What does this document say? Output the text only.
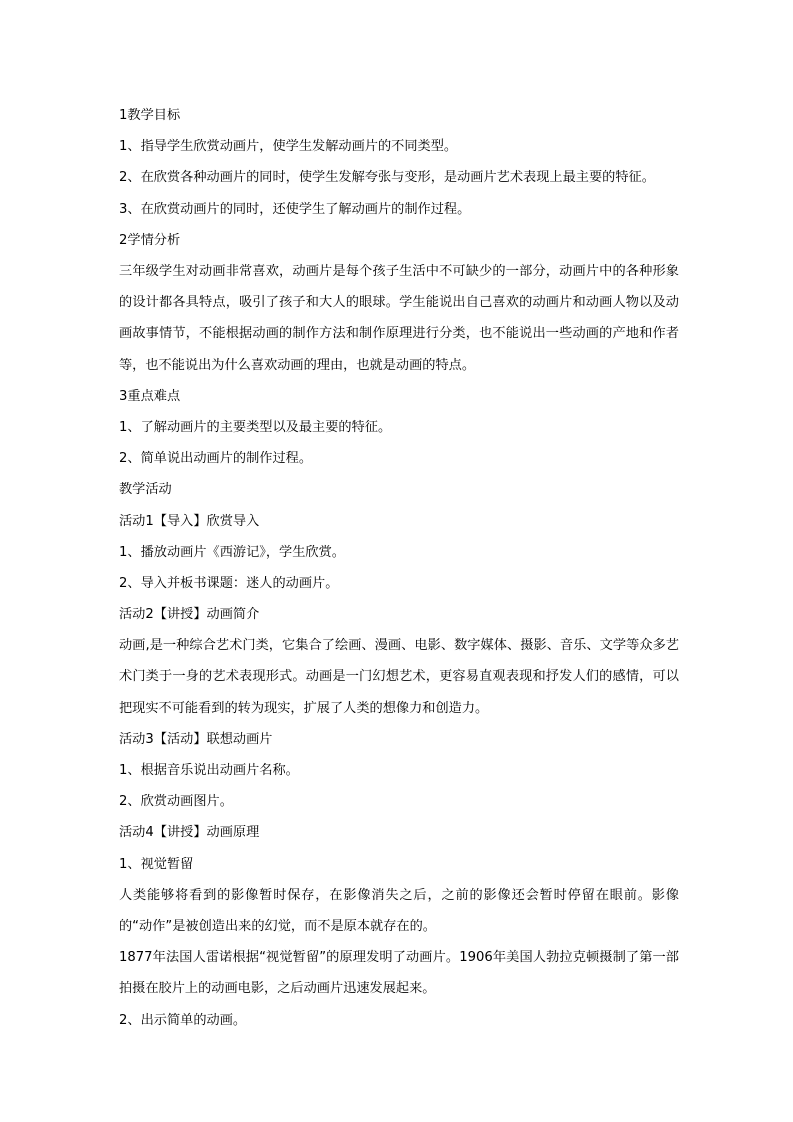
1教学目标
1、指导学生欣赏动画片，使学生发解动画片的不同类型。
2、在欣赏各种动画片的同时，使学生发解夸张与变形，是动画片艺术表现上最主要的特征。
3、在欣赏动画片的同时，还使学生了解动画片的制作过程。
2学情分析
三年级学生对动画非常喜欢，动画片是每个孩子生活中不可缺少的一部分，动画片中的各种形象的设计都各具特点，吸引了孩子和大人的眼球。学生能说出自己喜欢的动画片和动画人物以及动画故事情节，不能根据动画的制作方法和制作原理进行分类，也不能说出一些动画的产地和作者等，也不能说出为什么喜欢动画的理由，也就是动画的特点。
3重点难点
1、了解动画片的主要类型以及最主要的特征。
2、简单说出动画片的制作过程。
教学活动
活动1【导入】欣赏导入
1、播放动画片《西游记》，学生欣赏。
2、导入并板书课题：迷人的动画片。
活动2【讲授】动画简介
动画,是一种综合艺术门类，它集合了绘画、漫画、电影、数字媒体、摄影、音乐、文学等众多艺术门类于一身的艺术表现形式。动画是一门幻想艺术，更容易直观表现和抒发人们的感情，可以把现实不可能看到的转为现实，扩展了人类的想像力和创造力。
活动3【活动】联想动画片
1、根据音乐说出动画片名称。
2、欣赏动画图片。
活动4【讲授】动画原理
1、视觉暂留
人类能够将看到的影像暂时保存，在影像消失之后，之前的影像还会暂时停留在眼前。影像的“动作”是被创造出来的幻觉，而不是原本就存在的。
1877年法国人雷诺根据“视觉暂留”的原理发明了动画片。1906年美国人勃拉克顿摄制了第一部拍摄在胶片上的动画电影，之后动画片迅速发展起来。
2、出示简单的动画。
